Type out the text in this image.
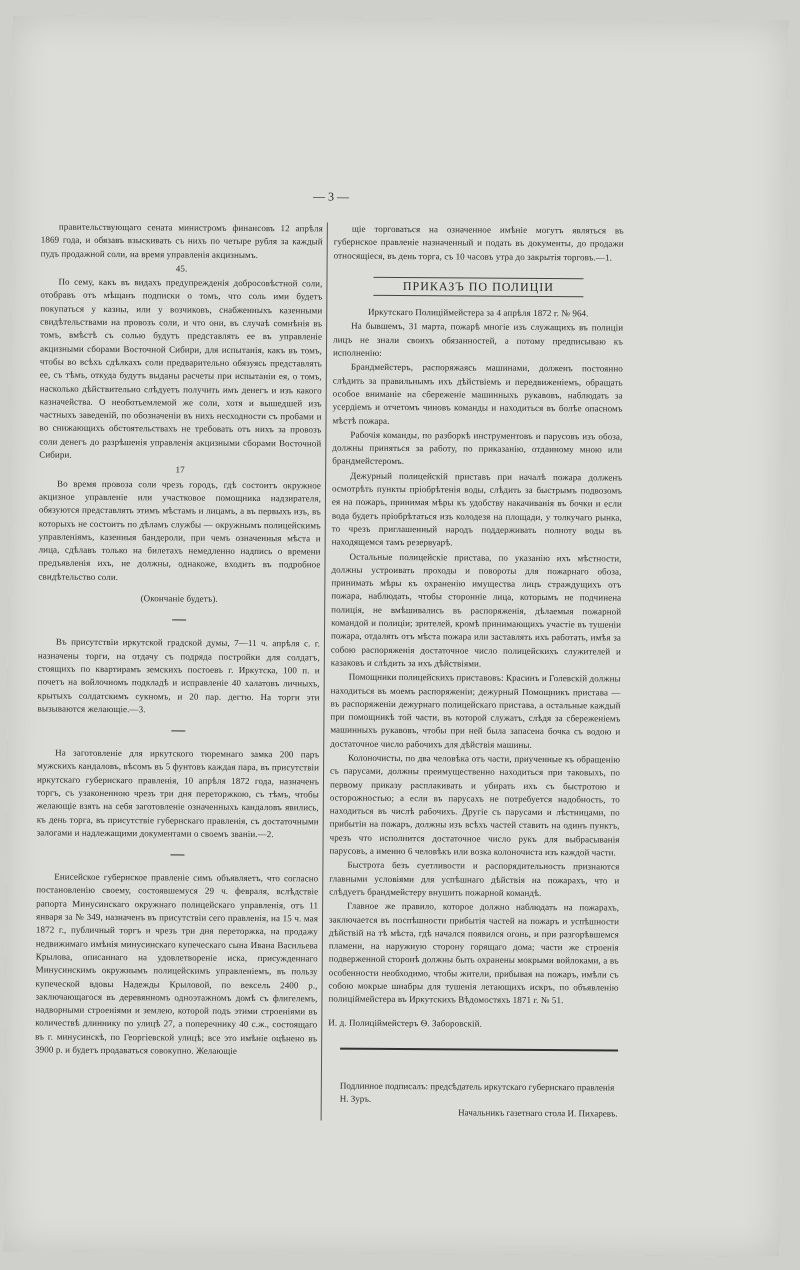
— 3 —

правительствующаго сената министромъ финансовъ 12 апрѣля 1869 года, и обязавъ взыскивать съ нихъ по четыре рубля за каждый пудъ продажной соли, на время управленія акцизнымъ.

45.

По сему, какъ въ видахъ предупрежденія добросовѣстной соли, отобравъ отъ мѣщанъ подписки о томъ, что соль ими будетъ покупаться у казны, или у возчиковъ, снабженныхъ казенными свидѣтельствами на провозъ соли, и что они, въ случаѣ сомнѣнія въ томъ, вмѣстѣ съ солью будутъ представлять ее въ управленіе акцизными сборами Восточной Сибири, для испытанія, какъ въ томъ, чтобы во всѣхъ сдѣлкахъ соли предварительно обязуясь представлять ее, съ тѣмъ, откуда будутъ выданы расчеты при испытаніи ея, о томъ, насколько дѣйствительно слѣдуетъ получить имъ денегъ и изъ какого казначейства. О необотьемлемой же соли, хотя и вышедшей изъ частныхъ заведеній, по обозначеніи въ нихъ несходности съ пробами и во снижающихъ обстоятельствахъ не требовать отъ нихъ за провозъ соли денегъ до разрѣшенія управленія акцизными сборами Восточной Сибири.

17

Во время провоза соли чрезъ городъ, гдѣ состоитъ окружное акцизное управленіе или участковое помощника надзирателя, обязуются представлять этимъ мѣстамъ и лицамъ, а въ первыхъ изъ, въ которыхъ не состоитъ по дѣламъ службы — окружнымъ полицейскимъ управленіямъ, казенныя бандероли, при чемъ означенныя мѣста и лица, сдѣлавъ только на билетахъ немедленно надпись о времени предъявленія ихъ, не должны, однакоже, входить въ подробное свидѣтельство соли.

(Окончаніе будетъ).

Въ присутствіи иркутской градской думы, 7—11 ч. апрѣля с. г. назначены торги, на отдачу съ подряда постройки для солдатъ, стоящихъ по квартирамъ земскихъ постоевъ г. Иркутска, 100 п. и почетъ на войлочномъ подкладѣ и исправленіе 40 халатовъ личныхъ, крытыхъ солдатскимъ сукномъ, и 20 пар. дегтю. На торги эти вызываются желающіе.—3.

На заготовленіе для иркутского тюремнаго замка 200 паръ мужскихъ кандаловъ, вѣсомъ въ 5 фунтовъ каждая пара, въ присутствіи иркутскаго губернскаго правленія, 10 апрѣля 1872 года, назначенъ торгъ, съ узаконенною чрезъ три дня переторжкою, съ тѣмъ, чтобы желающіе взять на себя заготовленіе означенныхъ кандаловъ явились, къ день торга, въ присутствіе губернскаго правленія, съ достаточными залогами и надлежащими документами о своемъ званіи.—2.

Енисейское губернское правленіе симъ объявляетъ, что согласно постановленію своему, состоявшемуся 29 ч. февраля, вслѣдствіе рапорта Минусинскаго окружнаго полицейскаго управленія, отъ 11 января за № 349, назначенъ въ присутствіи сего правленія, на 15 ч. мая 1872 г., публичный торгъ и чрезъ три дня переторжка, на продажу недвижимаго имѣнія минусинскаго купеческаго сына Ивана Васильева Крылова, описаннаго на удовлетвореніе иска, присужденнаго Минусинскимъ окружнымъ полицейскимъ управленіемъ, въ пользу купеческой вдовы Надежды Крыловой, по вексель 2400 р., заключающагося въ деревянномъ одноэтажномъ домѣ съ флигелемъ, надворными строеніями и землею, которой подъ этими строеніями въ количествѣ длиннику по улицѣ 27, а поперечнику 40 с.ж., состоящаго въ г. минусинскѣ, по Георгіевской улицѣ; все это имѣніе оцѣнено въ 3900 р. и будетъ продаваться совокупно. Желающіе

щіе торговаться на означенное имѣніе могутъ являться въ губернское правленіе назначенный и подать въ документы, до продажи относящіеся, въ день торга, съ 10 часовъ утра до закрытія торговъ.—1.

ПРИКАЗЪ ПО ПОЛИЦІИ

Иркутскаго Полиціймейстера за 4 апрѣля 1872 г. № 964.

На бывшемъ, 31 марта, пожарѣ многіе изъ служащихъ въ полиціи лицъ не знали своихъ обязанностей, а потому предписываю къ исполненію:

Брандмейстеръ, распоряжаясь машинами, долженъ постоянно слѣдить за правильнымъ ихъ дѣйствіемъ и передвиженіемъ, обращать особое вниманіе на сбереженіе машинныхъ рукавовъ, наблюдать за усердіемъ и отчетомъ чиновъ команды и находиться въ болѣе опасномъ мѣстѣ пожара.

Рабочія команды, по разборкѣ инструментовъ и парусовъ изъ обоза, должны приняться за работу, по приказанію, отданному мною или брандмейстеромъ.

Дежурный полицейскій приставъ при началѣ пожара долженъ осмотрѣть пункты пріобрѣтенія воды, слѣдить за быстрымъ подвозомъ ея на пожаръ, принимая мѣры къ удобству накачиванія въ бочки и если вода будетъ пріобрѣтаться изъ колодезя на площади, у толкучаго рынка, то чрезъ приглашенный народъ поддерживать полноту воды въ находящемся тамъ резервуарѣ.

Остальные полицейскіе пристава, по указанію ихъ мѣстности, должны устроивать проходы и повороты для пожарнаго обоза, принимать мѣры къ охраненію имущества лицъ страждущихъ отъ пожара, наблюдать, чтобы сторонніе лица, которымъ не подчинена полиція, не вмѣшивались въ распоряженія, дѣлаемыя пожарной командой и полиціи; зрителей, кромѣ принимающихъ участіе въ тушеніи пожара, отдалять отъ мѣста пожара или заставлять ихъ работать, имѣя за собою распоряженія достаточное число полицейскихъ служителей и казаковъ и слѣдить за ихъ дѣйствіями.

Помощники полицейскихъ приставовъ: Красинъ и Голевскій должны находиться въ моемъ распоряженіи; дежурный Помощникъ пристава — въ распоряженіи дежурнаго полицейскаго пристава, а остальные каждый при помощникѣ той части, въ которой служатъ, слѣдя за сбереженіемъ машинныхъ рукавовъ, чтобы при ней была запасена бочка съ водою и достаточное число рабочихъ для дѣйствія машины.

Колоночисты, по два человѣка отъ части, приученные къ обращенію съ парусами, должны преимущественно находиться при таковыхъ, по первому приказу расплакивать и убирать ихъ съ быстротою и осторожностью; а если въ парусахъ не потребуется надобность, то находиться въ числѣ рабочихъ. Другіе съ парусами и лѣстницами, по прибытіи на пожаръ, должны изъ всѣхъ частей ставить на одинъ пунктъ, чрезъ что исполнится достаточное число рукъ для выбрасыванія парусовъ, а именно 6 человѣкъ или возка колоночиста изъ каждой части.

Быстрота безъ суетливости и распорядительность признаются главными условіями для успѣшнаго дѣйствія на пожарахъ, что и слѣдуетъ брандмейстеру внушить пожарной командѣ.

Главное же правило, которое должно наблюдать на пожарахъ, заключается въ поспѣшности прибытія частей на пожаръ и успѣшности дѣйствій на тѣ мѣста, гдѣ начался появился огонь, и при разгорѣвшемся пламени, на наружную сторону горящаго дома; части же строенія подверженной сторонѣ должны быть охранены мокрыми войлоками, а въ особенности необходимо, чтобы жители, прибывая на пожаръ, имѣли съ собою мокрые шнабры для тушенія летающихъ искръ, по объявленію полиціймейстера въ Иркутскихъ Вѣдомостяхъ 1871 г. № 51.

И. д. Полиціймейстеръ Ѳ. Заборовскій.

Подлинное подписалъ: предсѣдатель иркутскаго губернскаго правленія Н. Зуръ.
Начальникъ газетнаго стола И. Пихаревъ.
